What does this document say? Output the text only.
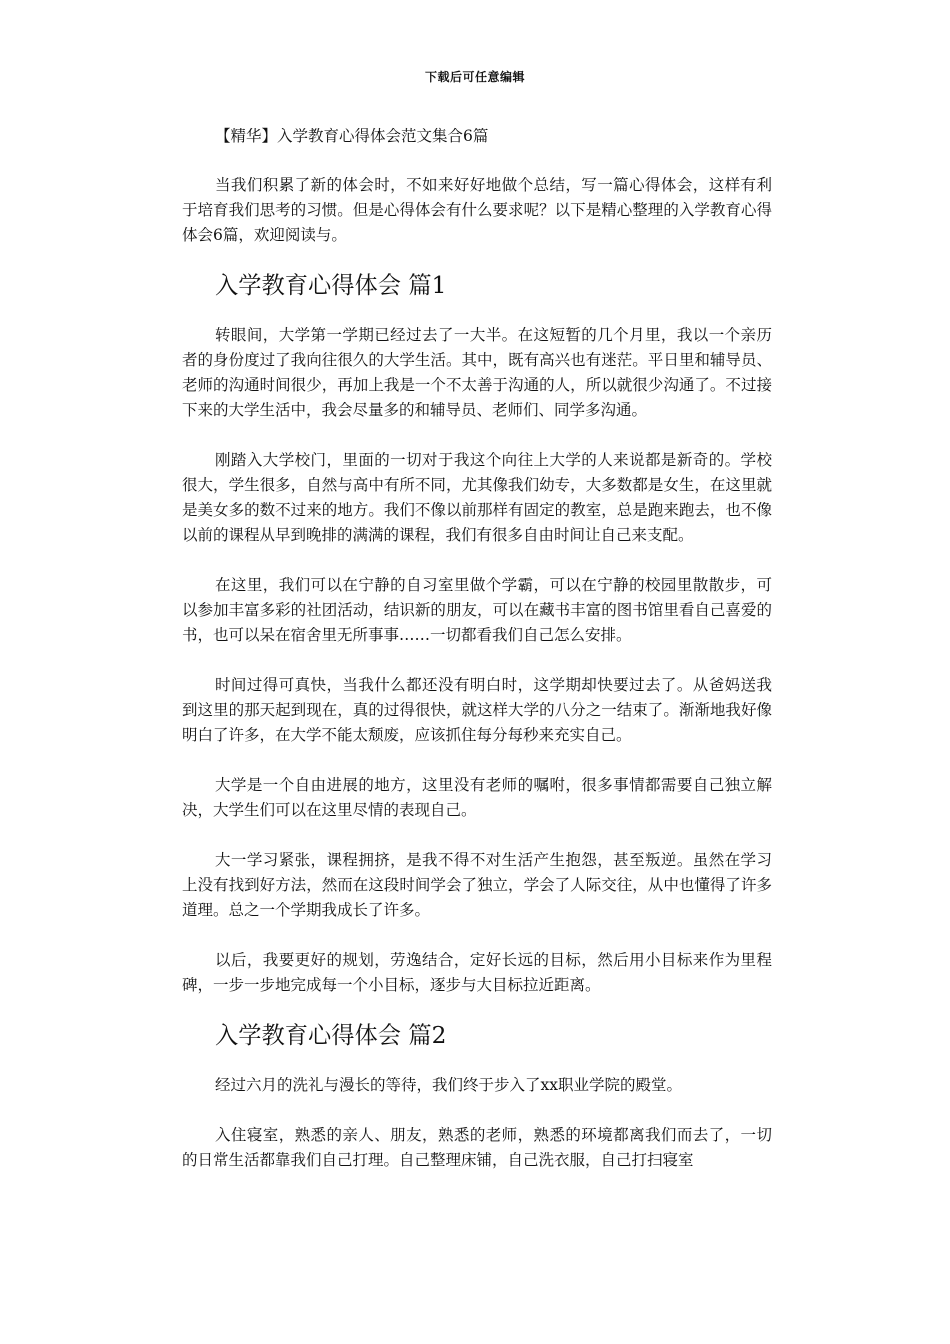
下载后可任意编辑
【精华】入学教育心得体会范文集合6篇

当我们积累了新的体会时，不如来好好地做个总结，写一篇心得体会，这样有利于培育我们思考的习惯。但是心得体会有什么要求呢？以下是精心整理的入学教育心得体会6篇，欢迎阅读与。

入学教育心得体会 篇1

转眼间，大学第一学期已经过去了一大半。在这短暂的几个月里，我以一个亲历者的身份度过了我向往很久的大学生活。其中，既有高兴也有迷茫。平日里和辅导员、老师的沟通时间很少，再加上我是一个不太善于沟通的人，所以就很少沟通了。不过接下来的大学生活中，我会尽量多的和辅导员、老师们、同学多沟通。

刚踏入大学校门，里面的一切对于我这个向往上大学的人来说都是新奇的。学校很大，学生很多，自然与高中有所不同，尤其像我们幼专，大多数都是女生，在这里就是美女多的数不过来的地方。我们不像以前那样有固定的教室，总是跑来跑去，也不像以前的课程从早到晚排的满满的课程，我们有很多自由时间让自己来支配。

在这里，我们可以在宁静的自习室里做个学霸，可以在宁静的校园里散散步，可以参加丰富多彩的社团活动，结识新的朋友，可以在藏书丰富的图书馆里看自己喜爱的书，也可以呆在宿舍里无所事事……一切都看我们自己怎么安排。

时间过得可真快，当我什么都还没有明白时，这学期却快要过去了。从爸妈送我到这里的那天起到现在，真的过得很快，就这样大学的八分之一结束了。渐渐地我好像明白了许多，在大学不能太颓废，应该抓住每分每秒来充实自己。

大学是一个自由进展的地方，这里没有老师的嘱咐，很多事情都需要自己独立解决，大学生们可以在这里尽情的表现自己。

大一学习紧张，课程拥挤，是我不得不对生活产生抱怨，甚至叛逆。虽然在学习上没有找到好方法，然而在这段时间学会了独立，学会了人际交往，从中也懂得了许多道理。总之一个学期我成长了许多。

以后，我要更好的规划，劳逸结合，定好长远的目标，然后用小目标来作为里程碑，一步一步地完成每一个小目标，逐步与大目标拉近距离。

入学教育心得体会 篇2

经过六月的洗礼与漫长的等待，我们终于步入了xx职业学院的殿堂。

入住寝室，熟悉的亲人、朋友，熟悉的老师，熟悉的环境都离我们而去了，一切的日常生活都靠我们自己打理。自己整理床铺，自己洗衣服，自己打扫寝室
